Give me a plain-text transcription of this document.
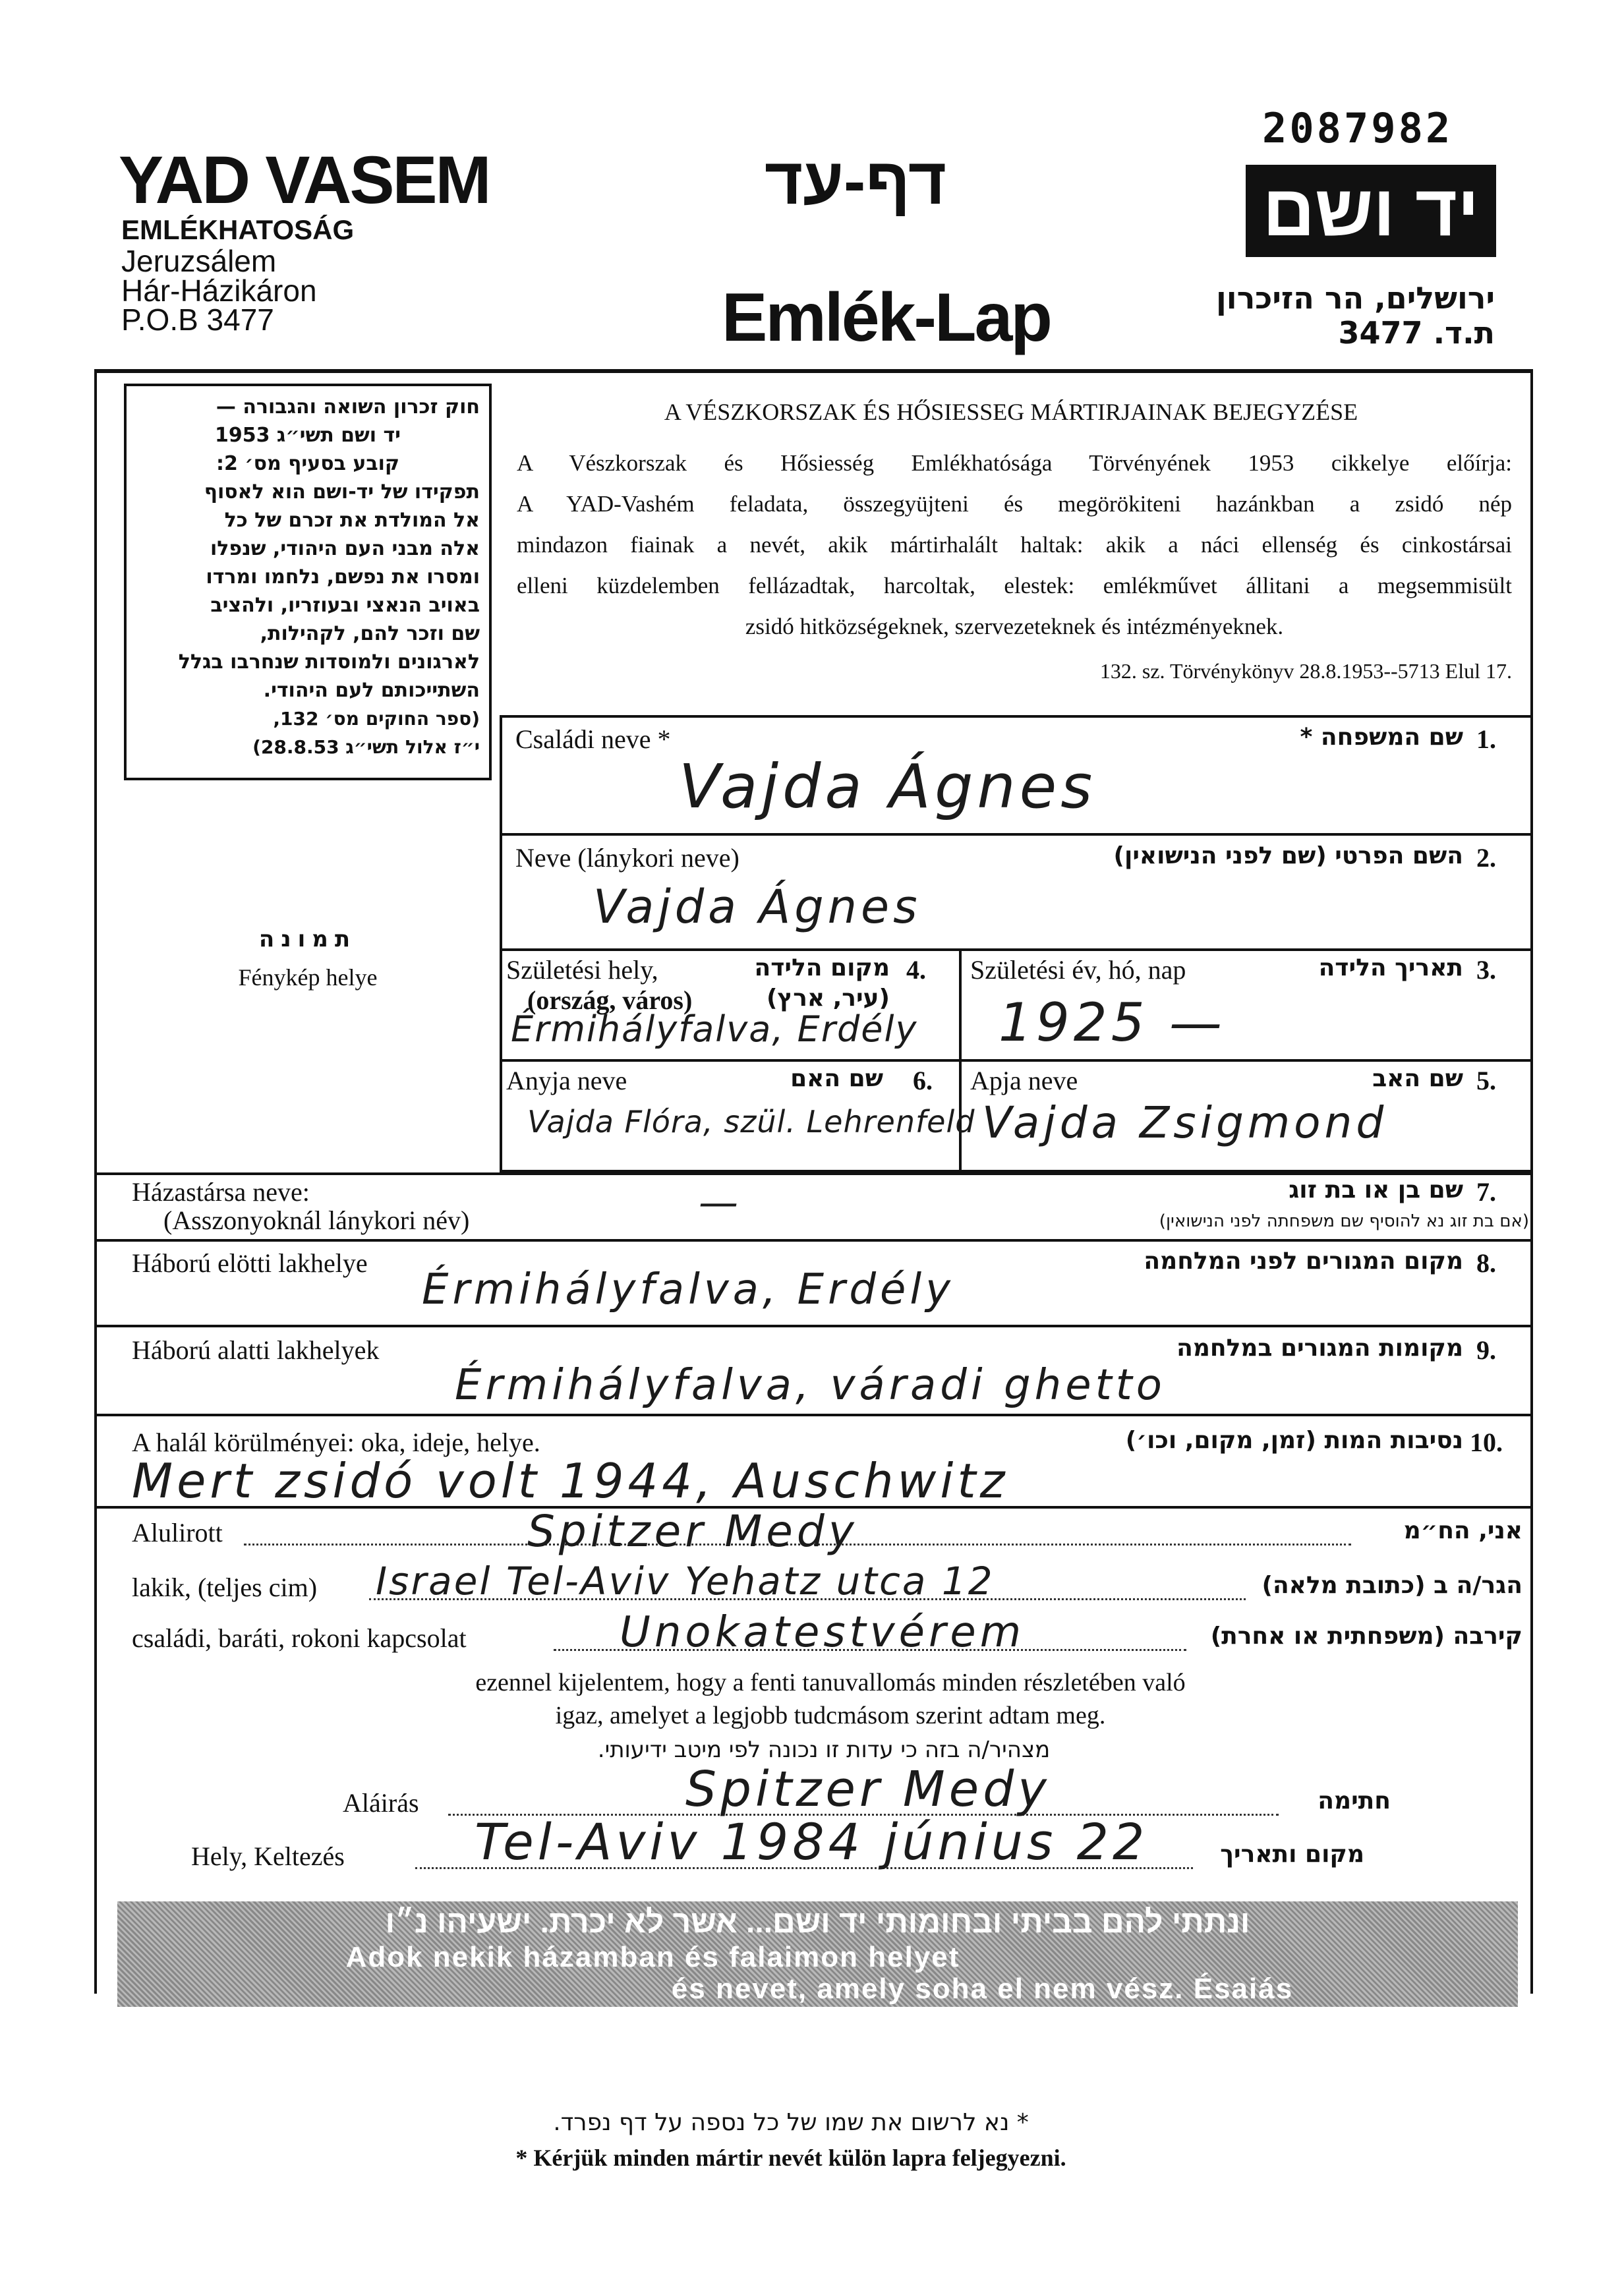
2087982
YAD VASEM
EMLÉKHATOSÁG
Jeruzsálem
Hár-Házikáron
P.O.B 3477
דף-עד
Emlék-Lap
יד ושם
ירושלים, הר הזיכרון
ת.ד. 3477
חוק זכרון השואה והגבורה —
יד ושם תשי״ג 1953
קובע בסעיף מס׳ 2:
תפקידו של יד-ושם הוא לאסוף
אל המולדת את זכרם של כל
אלה מבני העם היהודי, שנפלו
ומסרו את נפשם, נלחמו ומרדו
באויב הנאצי ובעוזריו, ולהציב
שם וזכר להם, לקהילות,
לארגונים ולמוסדות שנחרבו בגלל
השתייכותם לעם היהודי.
(ספר החוקים מס׳ 132,
י״ז אלול תשי״ג 28.8.53)
תמונה
Fénykép helye
A VÉSZKORSZAK ÉS HŐSIESSEG MÁRTIRJAINAK BEJEGYZÉSE
A Vészkorszak és Hősiesség Emlékhatósága Törvényének 1953 cikkelye előírja:
A YAD-Vashém feladata, összegyüjteni és megörökiteni hazánkban a zsidó nép
mindazon fiainak a nevét, akik mártirhalált haltak: akik a náci ellenség és cinkostársai
elleni küzdelemben fellázadtak, harcoltak, elestek: emlékművet állitani a megsemmisült
zsidó hitközségeknek, szervezeteknek és intézményeknek.
132. sz. Törvénykönyv 28.8.1953--5713 Elul 17.
Családi neve *	שם המשפחה * 1.
Vajda Ágnes
Neve (lánykori neve)	השם הפרטי (שם לפני הנישואין) 2.
Vajda Ágnes
Születési hely,
(ország, város)
מקום הלידה
(עיר, ארץ)
4.
Érmihályfalva, Erdély
Születési év, hó, nap	תאריך הלידה 3.
1925 —
Anyja neve	שם האם 6.
Vajda Flóra, szül. Lehrenfeld
Apja neve	שם האב 5.
Vajda Zsigmond
Házastársa neve:
(Asszonyoknál lánykori név)
שם בן או בת זוג
(אם בת זוג נא להוסיף שם משפחתה לפני הנישואין)
7.
—
Háború elötti lakhelye	מקום המגורים לפני המלחמה 8.
Érmihályfalva, Erdély
Háború alatti lakhelyek	מקומות המגורים במלחמה 9.
Érmihályfalva, váradi ghetto
A halál körülményei: oka, ideje, helye.	נסיבות המות (זמן, מקום, וכו׳) 10.
Mert zsidó volt 1944, Auschwitz
Alulirott	אני, הח״מ
Spitzer Medy
lakik, (teljes cim)	הגר/ה ב (כתובת מלאה)
Israel Tel-Aviv Yehatz utca 12
családi, baráti, rokoni kapcsolat	קירבה (משפחתית או אחרת)
Unokatestvérem
ezennel kijelentem, hogy a fenti tanuvallomás minden részletében való
igaz, amelyet a legjobb tudcmásom szerint adtam meg.
מצהיר/ה בזה כי עדות זו נכונה לפי מיטב ידיעותי.
Aláirás	חתימה
Spitzer Medy
Hely, Keltezés	מקום ותאריך
Tel-Aviv 1984 június 22
ונתתי להם בביתי ובחומותי יד ושם... אשר לא יכרת. ישעיהו נ״ו
Adok nekik házamban és falaimon helyet
és nevet, amely soha el nem vész. Ésaiás
* נא לרשום את שמו של כל נספה על דף נפרד.
* Kérjük minden mártir nevét külön lapra feljegyezni.
